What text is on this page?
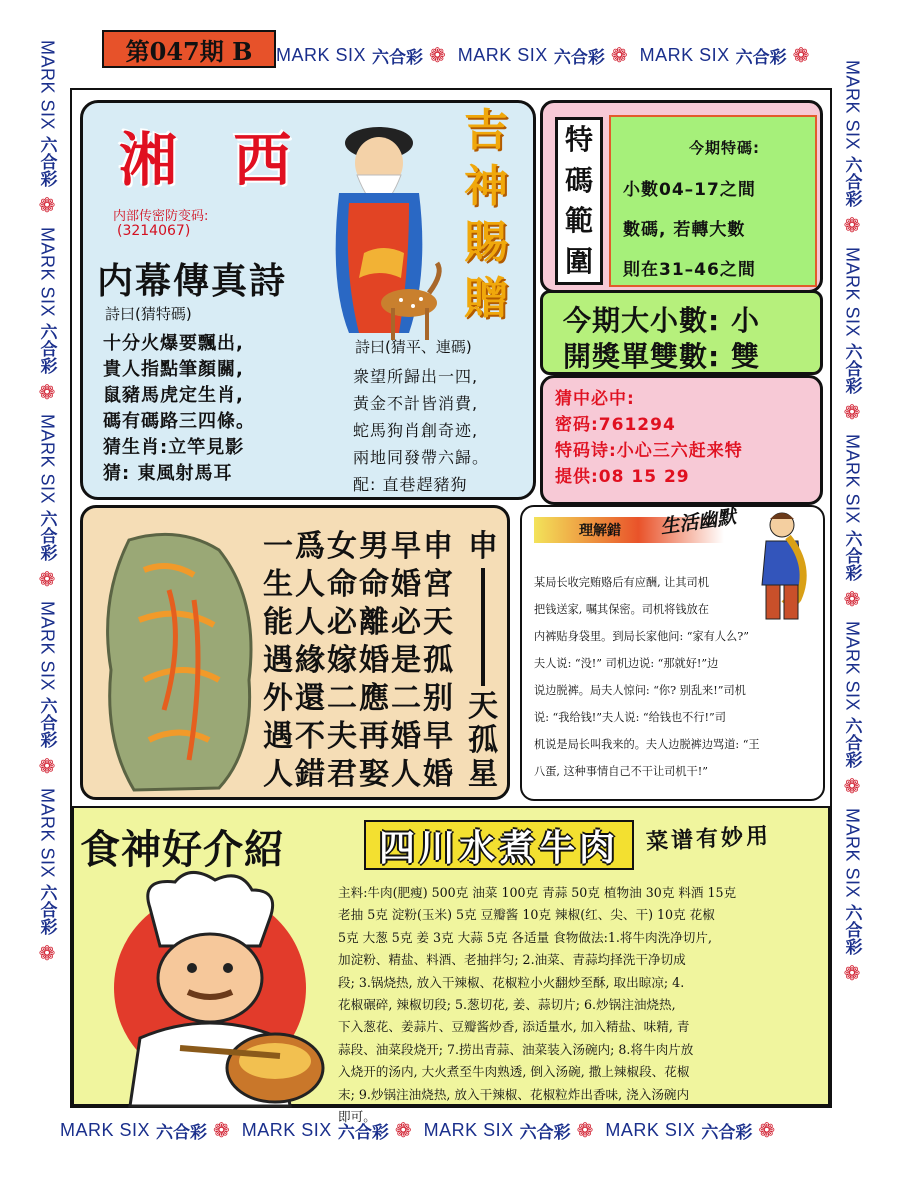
MARK SIX 六合彩 ❁ MARK SIX 六合彩 ❁ MARK SIX 六合彩 ❁
MARK SIX 六合彩 ❁ MARK SIX 六合彩 ❁ MARK SIX 六合彩 ❁ MARK SIX 六合彩 ❁
MARK SIX
六合彩
❁
MARK SIX
六合彩
❁
MARK SIX
六合彩
❁
MARK SIX
六合彩
❁
MARK SIX
六合彩
❁
MARK SIX
六合彩
❁
MARK SIX
六合彩
❁
MARK SIX
六合彩
❁
MARK SIX
六合彩
❁
MARK SIX
六合彩
❁
第047期 B
湘 西
内部传密防变码:
(3214067)
内幕傳真詩
吉
神
賜
贈
詩曰(猜特碼)
十分火爆要飄出,
貴人指點筆顏關,
鼠豬馬虎定生肖,
碼有碼路三四條。
猜生肖:立竿見影
猜: 東風射馬耳
詩曰(猜平、連碼)
衆望所歸出一四,
黃金不計皆消費,
蛇馬狗肖創奇迹,
兩地同發帶六歸。
配: 直巷趕豬狗
特
碼
範
圍
今期特碼:
小數04–17之間
數碼, 若轉大數
則在31–46之間
今期大小數: 小
開獎單雙數: 雙
猜中必中:
密码:761294
特码诗:小心三六赶来特
提供:08 15 29
一爲女男早申
生人命命婚宮
能人必離必天
遇緣嫁婚是孤
外還二應二别
遇不夫再婚早
人錯君娶人婚
申
天
孤
星
理解錯 生活幽默
某局长收完贿赂后有应酬, 让其司机
把钱送家, 嘱其保密。司机将钱放在
内裤贴身袋里。到局长家他问: “家有人么?”
夫人说: “没!” 司机边说: “那就好!”边
说边脱裤。局夫人惊问: “你? 别乱来!”司机
说: “我给钱!”夫人说: “给钱也不行!”司
机说是局长叫我来的。夫人边脱裤边骂道: “王
八蛋, 这种事情自己不干让司机干!”
食神好介紹	四川水煮牛肉 菜谱有妙用
主料:牛肉(肥瘦) 500克 油菜 100克 青蒜 50克 植物油 30克 料酒 15克
老抽 5克 淀粉(玉米) 5克 豆瓣酱 10克 辣椒(红、尖、干) 10克 花椒
5克 大葱 5克 姜 3克 大蒜 5克 各适量 食物做法:1.将牛肉洗净切片,
加淀粉、精盐、料酒、老抽拌匀; 2.油菜、青蒜均择洗干净切成
段; 3.锅烧热, 放入干辣椒、花椒粒小火翻炒至酥, 取出晾凉; 4.
花椒碾碎, 辣椒切段; 5.葱切花, 姜、蒜切片; 6.炒锅注油烧热,
下入葱花、姜蒜片、豆瓣酱炒香, 添适量水, 加入精盐、味精, 青
蒜段、油菜段烧开; 7.捞出青蒜、油菜装入汤碗内; 8.将牛肉片放
入烧开的汤内, 大火煮至牛肉熟透, 倒入汤碗, 撒上辣椒段、花椒
末; 9.炒锅注油烧热, 放入干辣椒、花椒粒炸出香味, 浇入汤碗内
即可。
